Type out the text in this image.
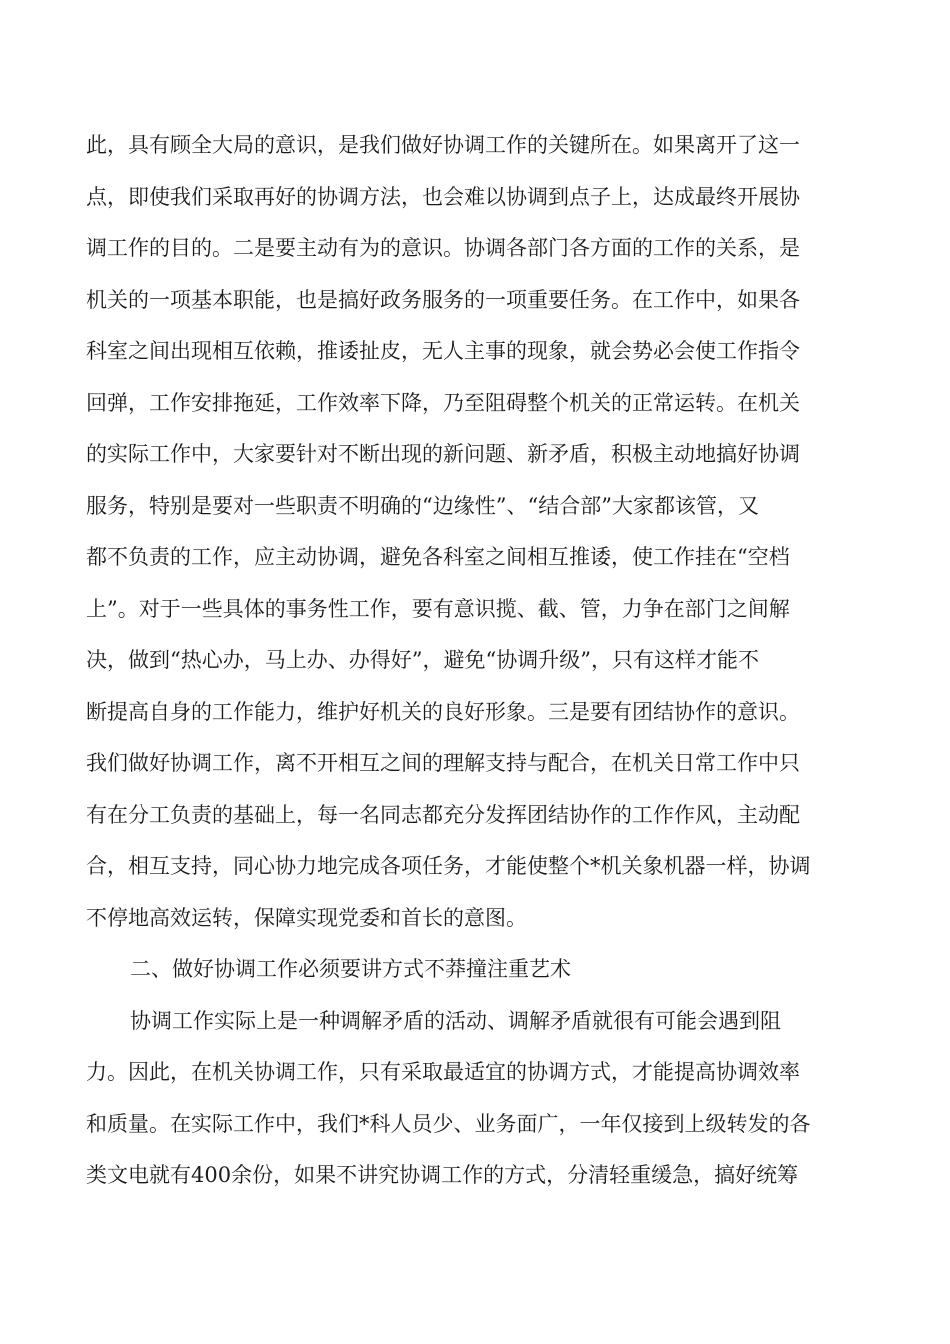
此，具有顾全大局的意识，是我们做好协调工作的关键所在。如果离开了这一
点，即使我们采取再好的协调方法，也会难以协调到点子上，达成最终开展协
调工作的目的。二是要主动有为的意识。协调各部门各方面的工作的关系，是
机关的一项基本职能，也是搞好政务服务的一项重要任务。在工作中，如果各
科室之间出现相互依赖，推诿扯皮，无人主事的现象，就会势必会使工作指令
回弹，工作安排拖延，工作效率下降，乃至阻碍整个机关的正常运转。在机关
的实际工作中，大家要针对不断出现的新问题、新矛盾，积极主动地搞好协调
服务，特别是要对一些职责不明确的“边缘性”、“结合部”大家都该管，又
都不负责的工作，应主动协调，避免各科室之间相互推诿，使工作挂在“空档
上”。对于一些具体的事务性工作，要有意识揽、截、管，力争在部门之间解
决，做到“热心办，马上办、办得好”，避免“协调升级”，只有这样才能不
断提高自身的工作能力，维护好机关的良好形象。三是要有团结协作的意识。
我们做好协调工作，离不开相互之间的理解支持与配合，在机关日常工作中只
有在分工负责的基础上，每一名同志都充分发挥团结协作的工作作风，主动配
合，相互支持，同心协力地完成各项任务，才能使整个*机关象机器一样，协调
不停地高效运转，保障实现党委和首长的意图。
二、做好协调工作必须要讲方式不莽撞注重艺术
协调工作实际上是一种调解矛盾的活动、调解矛盾就很有可能会遇到阻
力。因此，在机关协调工作，只有采取最适宜的协调方式，才能提高协调效率
和质量。在实际工作中，我们*科人员少、业务面广，一年仅接到上级转发的各
类文电就有400余份，如果不讲究协调工作的方式，分清轻重缓急，搞好统筹
